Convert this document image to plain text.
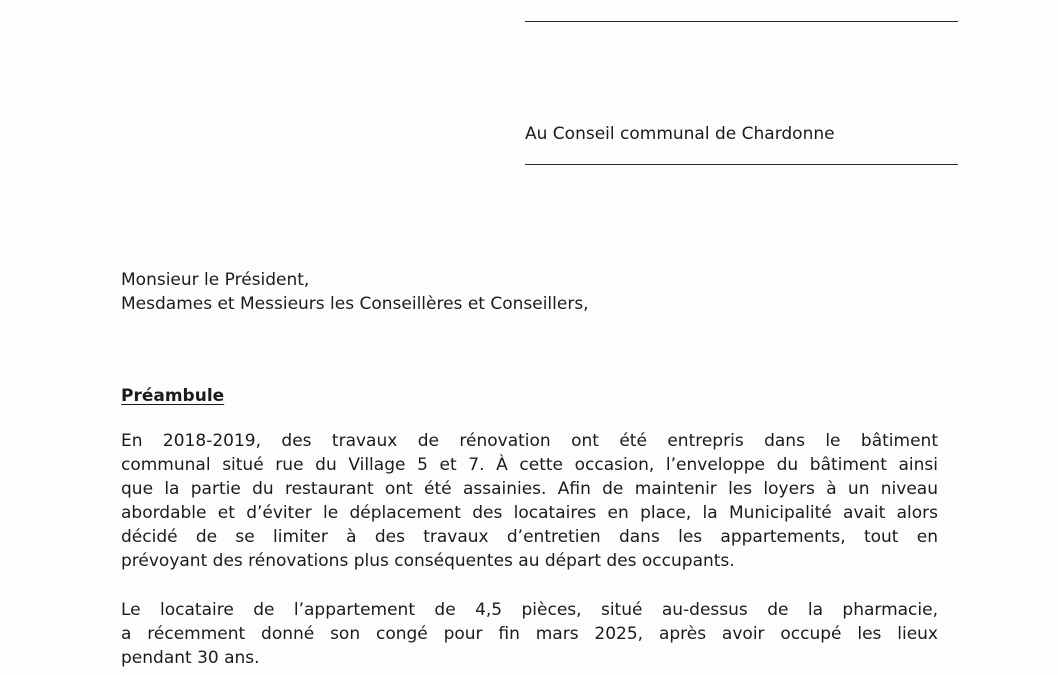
Au Conseil communal de Chardonne
Monsieur le Président,
Mesdames et Messieurs les Conseillères et Conseillers,
Préambule
En 2018-2019, des travaux de rénovation ont été entrepris dans le bâtiment
communal situé rue du Village 5 et 7. À cette occasion, l’enveloppe du bâtiment ainsi
que la partie du restaurant ont été assainies. Afin de maintenir les loyers à un niveau
abordable et d’éviter le déplacement des locataires en place, la Municipalité avait alors
décidé de se limiter à des travaux d’entretien dans les appartements, tout en
prévoyant des rénovations plus conséquentes au départ des occupants.
Le locataire de l’appartement de 4,5 pièces, situé au-dessus de la pharmacie,
a récemment donné son congé pour fin mars 2025, après avoir occupé les lieux
pendant 30 ans.
